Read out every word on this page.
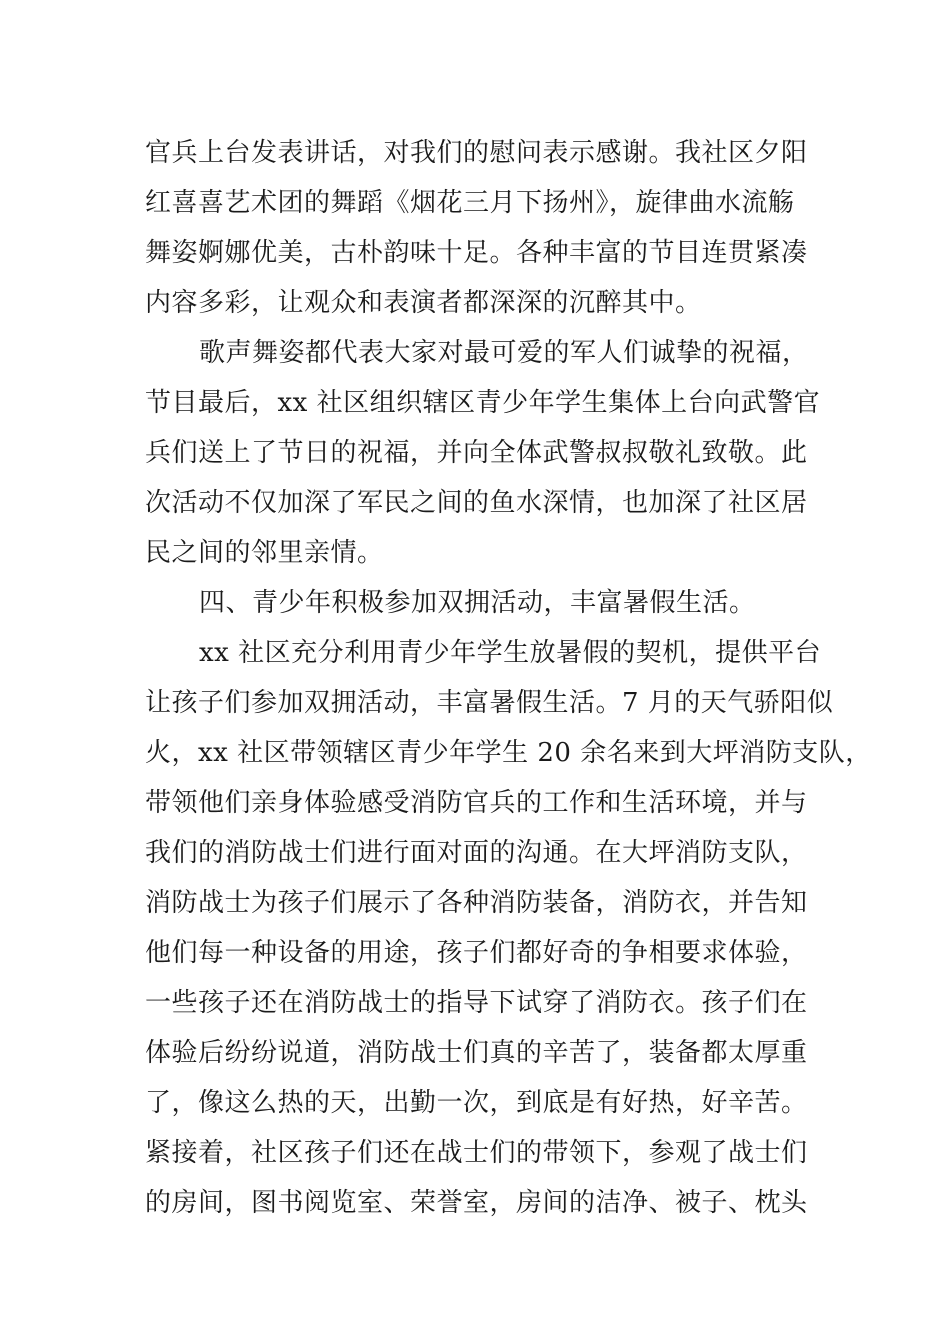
官兵上台发表讲话，对我们的慰问表示感谢。我社区夕阳
红喜喜艺术团的舞蹈《烟花三月下扬州》，旋律曲水流觞
舞姿婀娜优美，古朴韵味十足。各种丰富的节目连贯紧凑
内容多彩，让观众和表演者都深深的沉醉其中。
歌声舞姿都代表大家对最可爱的军人们诚挚的祝福，
节目最后，xx 社区组织辖区青少年学生集体上台向武警官
兵们送上了节日的祝福，并向全体武警叔叔敬礼致敬。此
次活动不仅加深了军民之间的鱼水深情，也加深了社区居
民之间的邻里亲情。
四、青少年积极参加双拥活动，丰富暑假生活。
xx 社区充分利用青少年学生放暑假的契机，提供平台
让孩子们参加双拥活动，丰富暑假生活。7 月的天气骄阳似
火，xx 社区带领辖区青少年学生 20 余名来到大坪消防支队，
带领他们亲身体验感受消防官兵的工作和生活环境，并与
我们的消防战士们进行面对面的沟通。在大坪消防支队，
消防战士为孩子们展示了各种消防装备，消防衣，并告知
他们每一种设备的用途，孩子们都好奇的争相要求体验，
一些孩子还在消防战士的指导下试穿了消防衣。孩子们在
体验后纷纷说道，消防战士们真的辛苦了，装备都太厚重
了，像这么热的天，出勤一次，到底是有好热，好辛苦。
紧接着，社区孩子们还在战士们的带领下，参观了战士们
的房间，图书阅览室、荣誉室，房间的洁净、被子、枕头
